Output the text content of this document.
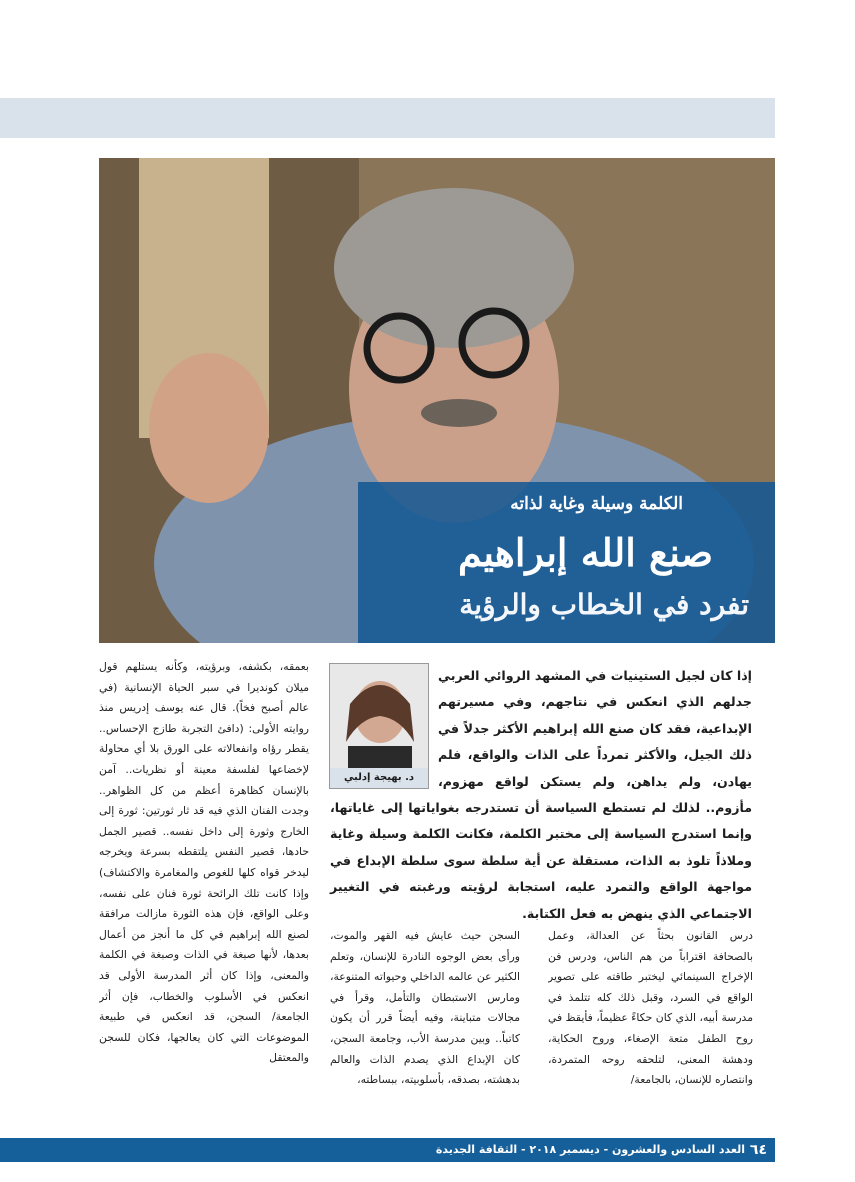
الكلمة وسيلة وغاية لذاته
صنع الله إبراهيم
تفرد في الخطاب والرؤية
إذا كان لجيل الستينيات في المشهد الروائي العربي جدلهم الذي انعكس في نتاجهم، وفي مسيرتهم الإبداعية، فقد كان صنع الله إبراهيم الأكثر جدلاً في ذلك الجيل، والأكثر تمرداً على الذات والواقع، فلم يهادن، ولم يداهن، ولم يستكن لواقع مهزوم، مأزوم.. لذلك لم تستطع السياسة أن تستدرجه بغواياتها إلى غاياتها، وإنما استدرج السياسة إلى مختبر الكلمة، فكانت الكلمة وسيلة وغاية وملاذاً تلوذ به الذات، مستقلة عن أية سلطة سوى سلطة الإبداع في مواجهة الواقع والتمرد عليه، استجابة لرؤيته ورغبته في التغيير الاجتماعي الذي ينهض به فعل الكتابة.
د. بهيجة إدلبي
بعمقه، بكشفه، وبرؤيته، وكأنه يستلهم قول ميلان كونديرا في سبر الحياة الإنسانية (في عالم أصبح فخاً). قال عنه يوسف إدريس منذ روايته الأولى: (دافئ التجربة طازج الإحساس.. يقطر رؤاه وانفعالاته على الورق بلا أي محاولة لإخضاعها لفلسفة معينة أو نظريات.. آمن بالإنسان كظاهرة أعظم من كل الظواهر.. وجدت الفنان الذي فيه قد ثار ثورتين: ثورة إلى الخارج وثورة إلى داخل نفسه.. قصير الجمل حادها، قصير النفس يلتقطه بسرعة ويخرجه ليدخر قواه كلها للغوص والمغامرة والاكتشاف) وإذا كانت تلك الرائحة ثورة فنان على نفسه، وعلى الواقع، فإن هذه الثورة مازالت مرافقة لصنع الله إبراهيم في كل ما أنجز من أعمال بعدها، لأنها صبغة في الذات وصبغة في الكلمة والمعنى، وإذا كان أثر المدرسة الأولى قد انعكس في الأسلوب والخطاب، فإن أثر الجامعة/ السجن، قد انعكس في طبيعة الموضوعات التي كان يعالجها، فكان للسجن والمعتقل
السجن حيث عايش فيه القهر والموت، ورأى بعض الوجوه النادرة للإنسان، وتعلم الكثير عن عالمه الداخلي وحيواته المتنوعة، ومارس الاستبطان والتأمل، وقرأ في مجالات متباينة، وفيه أيضاً قرر أن يكون كاتباً.. وبين مدرسة الأب، وجامعة السجن، كان الإبداع الذي يصدم الذات والعالم بدهشته، بصدقه، بأسلوبيته، ببساطته،
درس القانون بحثاً عن العدالة، وعمل بالصحافة اقتراباً من هم الناس، ودرس فن الإخراج السينمائي ليختبر طاقته على تصوير الواقع في السرد، وقبل ذلك كله تتلمذ في مدرسة أبيه، الذي كان حكاءً عظيماً، فأيقظ في روح الطفل متعة الإصغاء، وروح الحكاية، ودهشة المعنى، لتلحقه روحه المتمردة، وانتصاره للإنسان، بالجامعة/
٦٤
العدد السادس والعشرون - ديسمبر ٢٠١٨ - الثقافة الجديدة
